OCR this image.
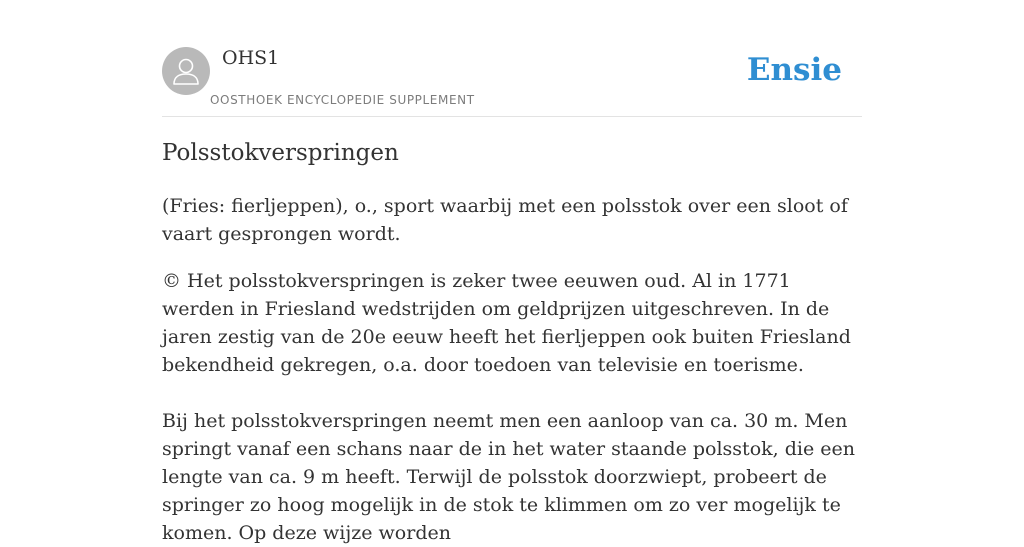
OHS1
OOSTHOEK ENCYCLOPEDIE SUPPLEMENT
Ensie
Polsstokverspringen

(Fries: fierljeppen), o., sport waarbij met een polsstok over een sloot of vaart gesprongen wordt.

© Het polsstokverspringen is zeker twee eeuwen oud. Al in 1771 werden in Friesland wedstrijden om geldprijzen uitgeschreven. In de jaren zestig van de 20e eeuw heeft het fierljeppen ook buiten Friesland bekendheid gekregen, o.a. door toedoen van televisie en toerisme.

Bij het polsstokverspringen neemt men een aanloop van ca. 30 m. Men springt vanaf een schans naar de in het water staande polsstok, die een lengte van ca. 9 m heeft. Terwijl de polsstok doorzwiept, probeert de springer zo hoog mogelijk in de stok te klimmen om zo ver mogelijk te komen. Op deze wijze worden
